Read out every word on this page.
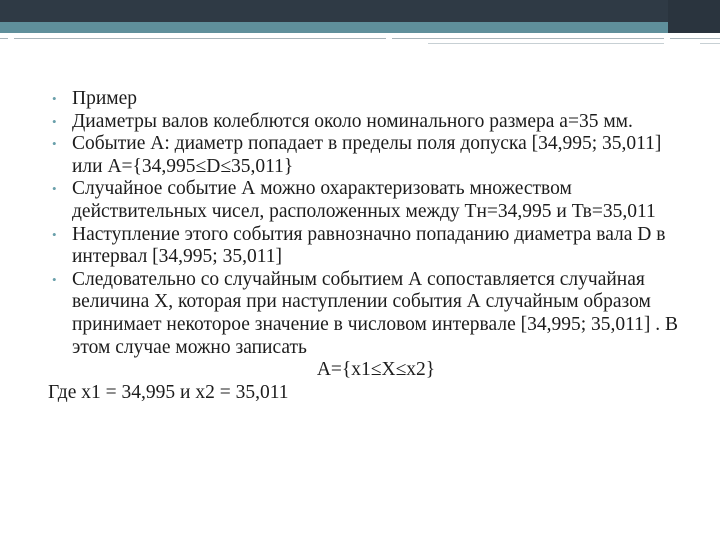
• Пример
• Диаметры валов колеблются около номинального размера a=35 мм.
• Событие А: диаметр попадает в пределы поля допуска [34,995; 35,011] или A={34,995≤D≤35,011}
• Случайное событие А можно охарактеризовать множеством действительных чисел, расположенных между Тн=34,995 и Тв=35,011
• Наступление этого события равнозначно попаданию диаметра вала D в интервал [34,995; 35,011]
• Следовательно со случайным событием А сопоставляется случайная величина X, которая при наступлении события А случайным образом принимает некоторое значение в числовом интервале [34,995; 35,011] . В этом случае можно записать
A={x1≤X≤x2}
Где x1 = 34,995 и x2 = 35,011
